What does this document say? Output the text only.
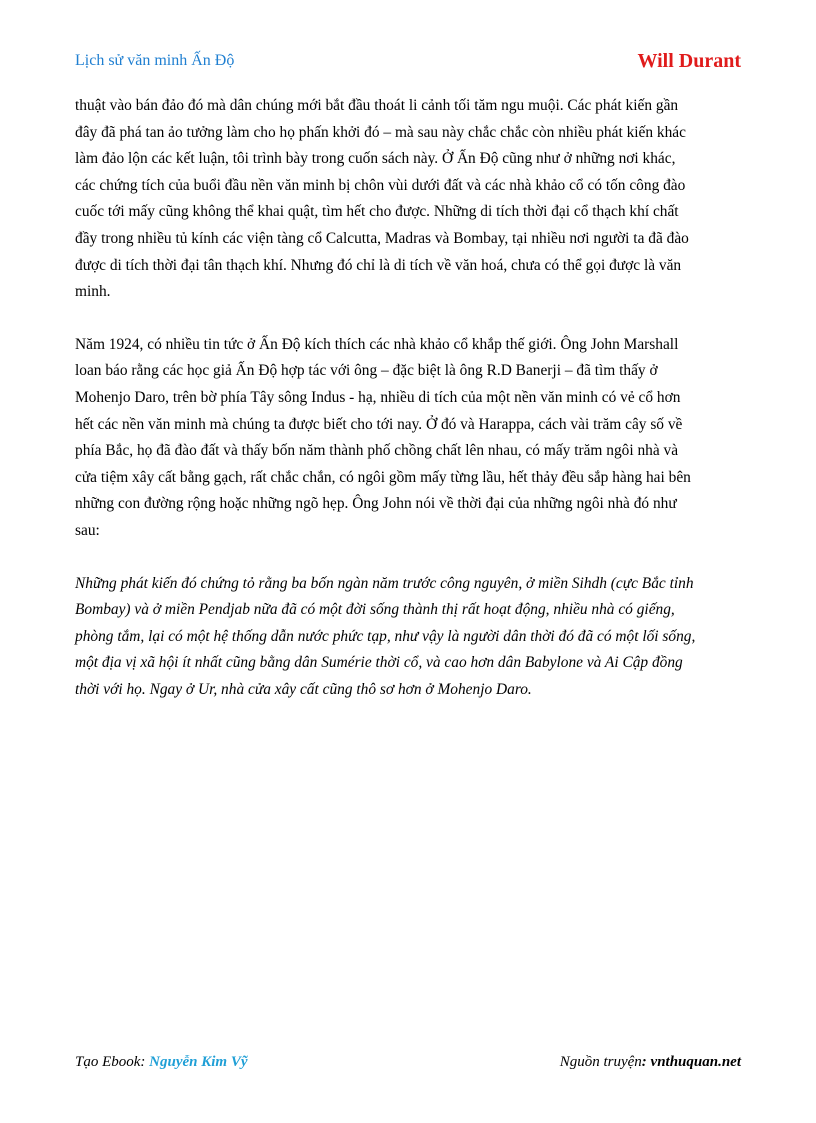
Lịch sử văn minh Ấn Độ	Will Durant

thuật vào bán đảo đó mà dân chúng mới bắt đầu thoát li cảnh tối tăm ngu muội. Các phát kiến gần
đây đã phá tan ảo tưởng làm cho họ phấn khởi đó – mà sau này chắc chắc còn nhiều phát kiến khác
làm đảo lộn các kết luận, tôi trình bày trong cuốn sách này. Ở Ấn Độ cũng như ở những nơi khác,
các chứng tích của buổi đầu nền văn minh bị chôn vùi dưới đất và các nhà khảo cổ có tốn công đào
cuốc tới mấy cũng không thể khai quật, tìm hết cho được. Những di tích thời đại cổ thạch khí chất
đầy trong nhiều tủ kính các viện tàng cổ Calcutta, Madras và Bombay, tại nhiều nơi người ta đã đào
được di tích thời đại tân thạch khí. Nhưng đó chỉ là di tích về văn hoá, chưa có thể gọi được là văn
minh.

Năm 1924, có nhiều tin tức ở Ấn Độ kích thích các nhà khảo cổ khắp thế giới. Ông John Marshall
loan báo rằng các học giả Ấn Độ hợp tác với ông – đặc biệt là ông R.D Banerji – đã tìm thấy ở
Mohenjo Daro, trên bờ phía Tây sông Indus - hạ, nhiều di tích của một nền văn minh có vẻ cổ hơn
hết các nền văn minh mà chúng ta được biết cho tới nay. Ở đó và Harappa, cách vài trăm cây số về
phía Bắc, họ đã đào đất và thấy bốn năm thành phố chồng chất lên nhau, có mấy trăm ngôi nhà và
cửa tiệm xây cất bằng gạch, rất chắc chắn, có ngôi gồm mấy từng lầu, hết thảy đều sắp hàng hai bên
những con đường rộng hoặc những ngõ hẹp. Ông John nói về thời đại của những ngôi nhà đó như
sau:

Những phát kiến đó chứng tỏ rằng ba bốn ngàn năm trước công nguyên, ở miền Sihdh (cực Bắc tỉnh
Bombay) và ở miền Pendjab nữa đã có một đời sống thành thị rất hoạt động, nhiều nhà có giếng,
phòng tắm, lại có một hệ thống dẫn nước phức tạp, như vậy là người dân thời đó đã có một lối sống,
một địa vị xã hội ít nhất cũng bằng dân Sumérie thời cổ, và cao hơn dân Babylone và Ai Cập đồng
thời với họ. Ngay ở Ur, nhà cửa xây cất cũng thô sơ hơn ở Mohenjo Daro.

Tạo Ebook: Nguyễn Kim Vỹ	Nguồn truyện: vnthuquan.net
